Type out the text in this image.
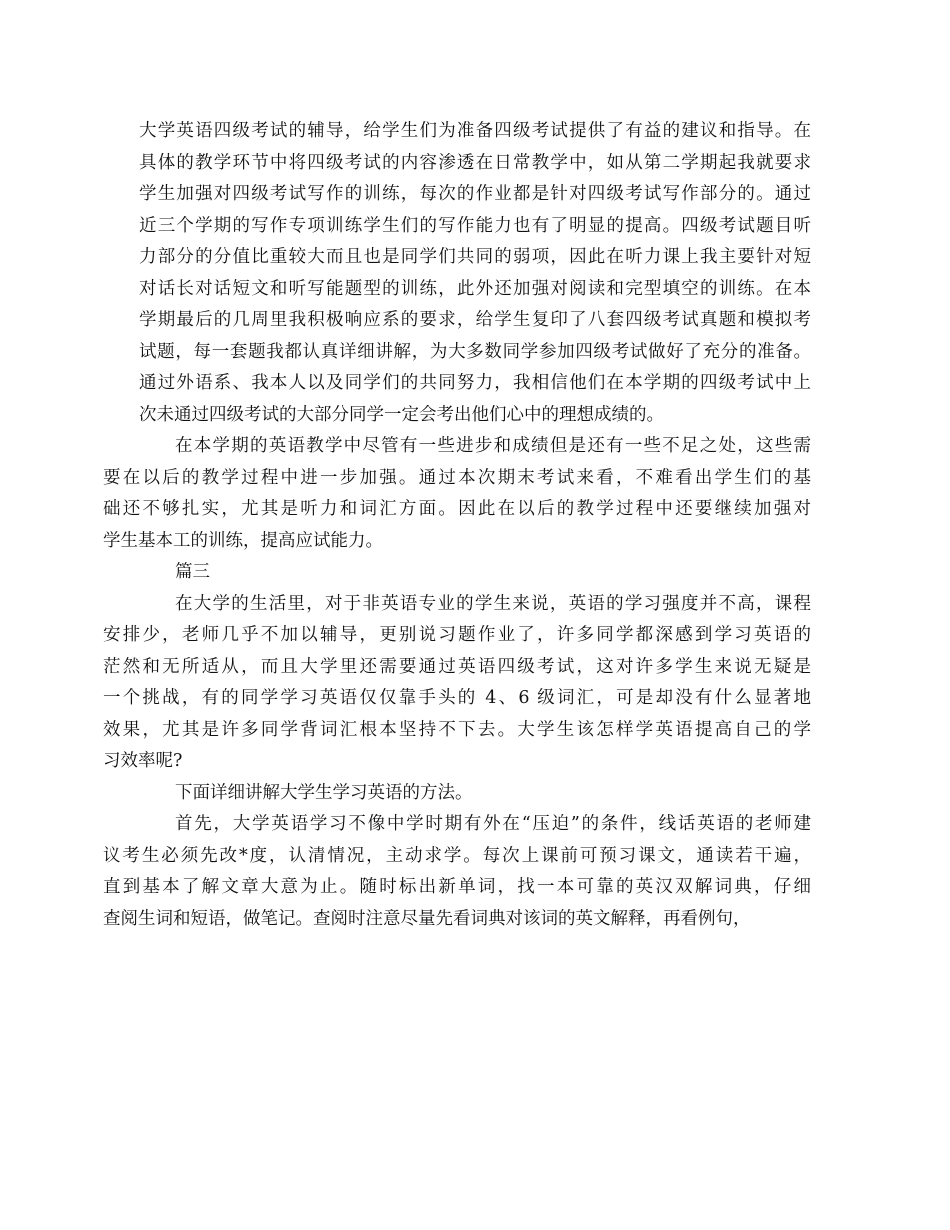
大学英语四级考试的辅导，给学生们为准备四级考试提供了有益的建议和指导。在
具体的教学环节中将四级考试的内容渗透在日常教学中，如从第二学期起我就要求
学生加强对四级考试写作的训练，每次的作业都是针对四级考试写作部分的。通过
近三个学期的写作专项训练学生们的写作能力也有了明显的提高。四级考试题目听
力部分的分值比重较大而且也是同学们共同的弱项，因此在听力课上我主要针对短
对话长对话短文和听写能题型的训练，此外还加强对阅读和完型填空的训练。在本
学期最后的几周里我积极响应系的要求，给学生复印了八套四级考试真题和模拟考
试题，每一套题我都认真详细讲解，为大多数同学参加四级考试做好了充分的准备。
通过外语系、我本人以及同学们的共同努力，我相信他们在本学期的四级考试中上
次未通过四级考试的大部分同学一定会考出他们心中的理想成绩的。
在本学期的英语教学中尽管有一些进步和成绩但是还有一些不足之处，这些需
要在以后的教学过程中进一步加强。通过本次期末考试来看，不难看出学生们的基
础还不够扎实，尤其是听力和词汇方面。因此在以后的教学过程中还要继续加强对
学生基本工的训练，提高应试能力。
篇三
在大学的生活里，对于非英语专业的学生来说，英语的学习强度并不高，课程
安排少，老师几乎不加以辅导，更别说习题作业了，许多同学都深感到学习英语的
茫然和无所适从，而且大学里还需要通过英语四级考试，这对许多学生来说无疑是
一个挑战，有的同学学习英语仅仅靠手头的 4、6 级词汇，可是却没有什么显著地
效果，尤其是许多同学背词汇根本坚持不下去。大学生该怎样学英语提高自己的学
习效率呢?
下面详细讲解大学生学习英语的方法。
首先，大学英语学习不像中学时期有外在“压迫”的条件，线话英语的老师建
议考生必须先改*度，认清情况，主动求学。每次上课前可预习课文，通读若干遍，
直到基本了解文章大意为止。随时标出新单词，找一本可靠的英汉双解词典，仔细
查阅生词和短语，做笔记。查阅时注意尽量先看词典对该词的英文解释，再看例句，
